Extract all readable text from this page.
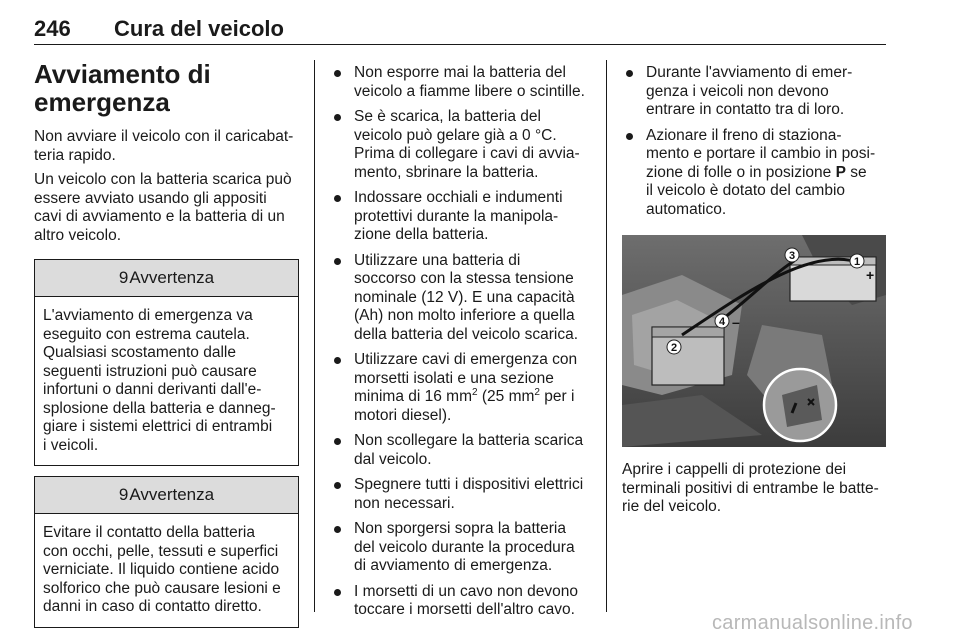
246 Cura del veicolo
Avviamento di
emergenza

Non avviare il veicolo con il caricabat-
teria rapido.

Un veicolo con la batteria scarica può
essere avviato usando gli appositi
cavi di avviamento e la batteria di un
altro veicolo.

9 Avvertenza
L'avviamento di emergenza va
eseguito con estrema cautela.
Qualsiasi scostamento dalle
seguenti istruzioni può causare
infortuni o danni derivanti dall'e-
splosione della batteria e danneg-
giare i sistemi elettrici di entrambi
i veicoli.
9 Avvertenza
Evitare il contatto della batteria
con occhi, pelle, tessuti e superfici
verniciate. Il liquido contiene acido
solforico che può causare lesioni e
danni in caso di contatto diretto.
Non esporre mai la batteria del
veicolo a fiamme libere o scintille.
Se è scarica, la batteria del
veicolo può gelare già a 0 °C.
Prima di collegare i cavi di avvia-
mento, sbrinare la batteria.
Indossare occhiali e indumenti
protettivi durante la manipola-
zione della batteria.
Utilizzare una batteria di
soccorso con la stessa tensione
nominale (12 V). E una capacità
(Ah) non molto inferiore a quella
della batteria del veicolo scarica.
Utilizzare cavi di emergenza con
morsetti isolati e una sezione
minima di 16 $mm^2$ (25 $mm^2$ per i
motori diesel).
Non scollegare la batteria scarica
dal veicolo.
Spegnere tutti i dispositivi elettrici
non necessari.
Non sporgersi sopra la batteria
del veicolo durante la procedura
di avviamento di emergenza.
I morsetti di un cavo non devono
toccare i morsetti dell'altro cavo.
Durante l'avviamento di emer-
genza i veicoli non devono
entrare in contatto tra di loro.
Azionare il freno di staziona-
mento e portare il cambio in posi-
zione di folle o in posizione P se
il veicolo è dotato del cambio
automatico.
1
+
2
3
4 –

Aprire i cappelli di protezione dei
terminali positivi di entrambe le batte-
rie del veicolo.

carmanualsonline.info
